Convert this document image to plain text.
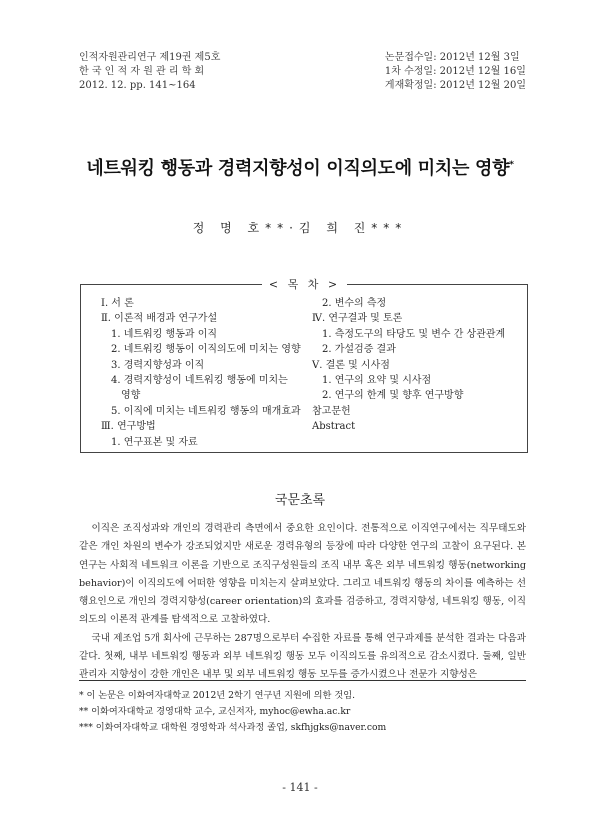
인적자원관리연구 제19권 제5호
한 국 인 적 자 원 관 리 학 회
2012. 12. pp. 141~164
논문접수일: 2012년 12월 3일
1차 수정일: 2012년 12월 16일
게재확정일: 2012년 12월 20일
네트워킹 행동과 경력지향성이 이직의도에 미치는 영향*
정 명 호**·김 희 진***
< 목 차 >
Ⅰ. 서 론
Ⅱ. 이론적 배경과 연구가설
1. 네트워킹 행동과 이직
2. 네트워킹 행동이 이직의도에 미치는 영향
3. 경력지향성과 이직
4. 경력지향성이 네트워킹 행동에 미치는
영향
5. 이직에 미치는 네트워킹 행동의 매개효과
Ⅲ. 연구방법
1. 연구표본 및 자료
2. 변수의 측정
Ⅳ. 연구결과 및 토론
1. 측정도구의 타당도 및 변수 간 상관관계
2. 가설검증 결과
Ⅴ. 결론 및 시사점
1. 연구의 요약 및 시사점
2. 연구의 한계 및 향후 연구방향
참고문헌
Abstract
국문초록

이직은 조직성과와 개인의 경력관리 측면에서 중요한 요인이다. 전통적으로 이직연구에서는 직무태도와 같은 개인 차원의 변수가 강조되었지만 새로운 경력유형의 등장에 따라 다양한 연구의 고찰이 요구된다. 본 연구는 사회적 네트워크 이론을 기반으로 조직구성원들의 조직 내부 혹은 외부 네트워킹 행동(networking behavior)이 이직의도에 어떠한 영향을 미치는지 살펴보았다. 그리고 네트워킹 행동의 차이를 예측하는 선행요인으로 개인의 경력지향성(career orientation)의 효과를 검증하고, 경력지향성, 네트워킹 행동, 이직의도의 이론적 관계를 탐색적으로 고찰하였다.

국내 제조업 5개 회사에 근무하는 287명으로부터 수집한 자료를 통해 연구과제를 분석한 결과는 다음과 같다. 첫째, 내부 네트워킹 행동과 외부 네트워킹 행동 모두 이직의도를 유의적으로 감소시켰다. 둘째, 일반관리자 지향성이 강한 개인은 내부 및 외부 네트워킹 행동 모두를 증가시켰으나 전문가 지향성은

* 이 논문은 이화여자대학교 2012년 2학기 연구년 지원에 의한 것임.
** 이화여자대학교 경영대학 교수, 교신저자, myhoc@ewha.ac.kr
*** 이화여자대학교 대학원 경영학과 석사과정 졸업, skfhjgks@naver.com
- 141 -
